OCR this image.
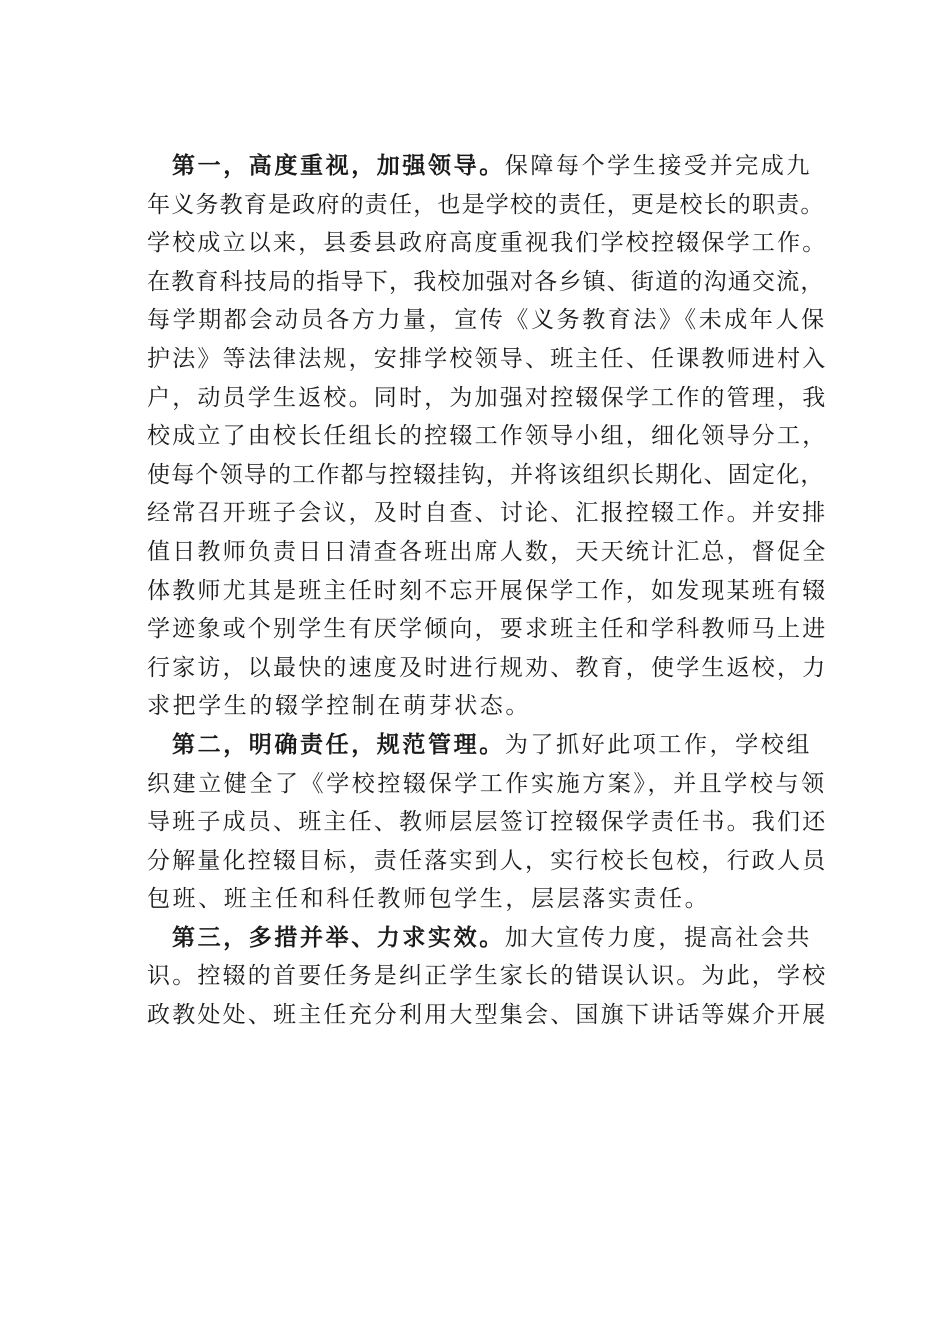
第一，高度重视，加强领导。保障每个学生接受并完成九
年义务教育是政府的责任，也是学校的责任，更是校长的职责。
学校成立以来，县委县政府高度重视我们学校控辍保学工作。
在教育科技局的指导下，我校加强对各乡镇、街道的沟通交流，
每学期都会动员各方力量，宣传《义务教育法》《未成年人保
护法》等法律法规，安排学校领导、班主任、任课教师进村入
户，动员学生返校。同时，为加强对控辍保学工作的管理，我
校成立了由校长任组长的控辍工作领导小组，细化领导分工，
使每个领导的工作都与控辍挂钩，并将该组织长期化、固定化，
经常召开班子会议，及时自查、讨论、汇报控辍工作。并安排
值日教师负责日日清查各班出席人数，天天统计汇总，督促全
体教师尤其是班主任时刻不忘开展保学工作，如发现某班有辍
学迹象或个别学生有厌学倾向，要求班主任和学科教师马上进
行家访，以最快的速度及时进行规劝、教育，使学生返校，力
求把学生的辍学控制在萌芽状态。
第二，明确责任，规范管理。为了抓好此项工作，学校组
织建立健全了《学校控辍保学工作实施方案》，并且学校与领
导班子成员、班主任、教师层层签订控辍保学责任书。我们还
分解量化控辍目标，责任落实到人，实行校长包校，行政人员
包班、班主任和科任教师包学生，层层落实责任。
第三，多措并举、力求实效。加大宣传力度，提高社会共
识。控辍的首要任务是纠正学生家长的错误认识。为此，学校
政教处处、班主任充分利用大型集会、国旗下讲话等媒介开展
